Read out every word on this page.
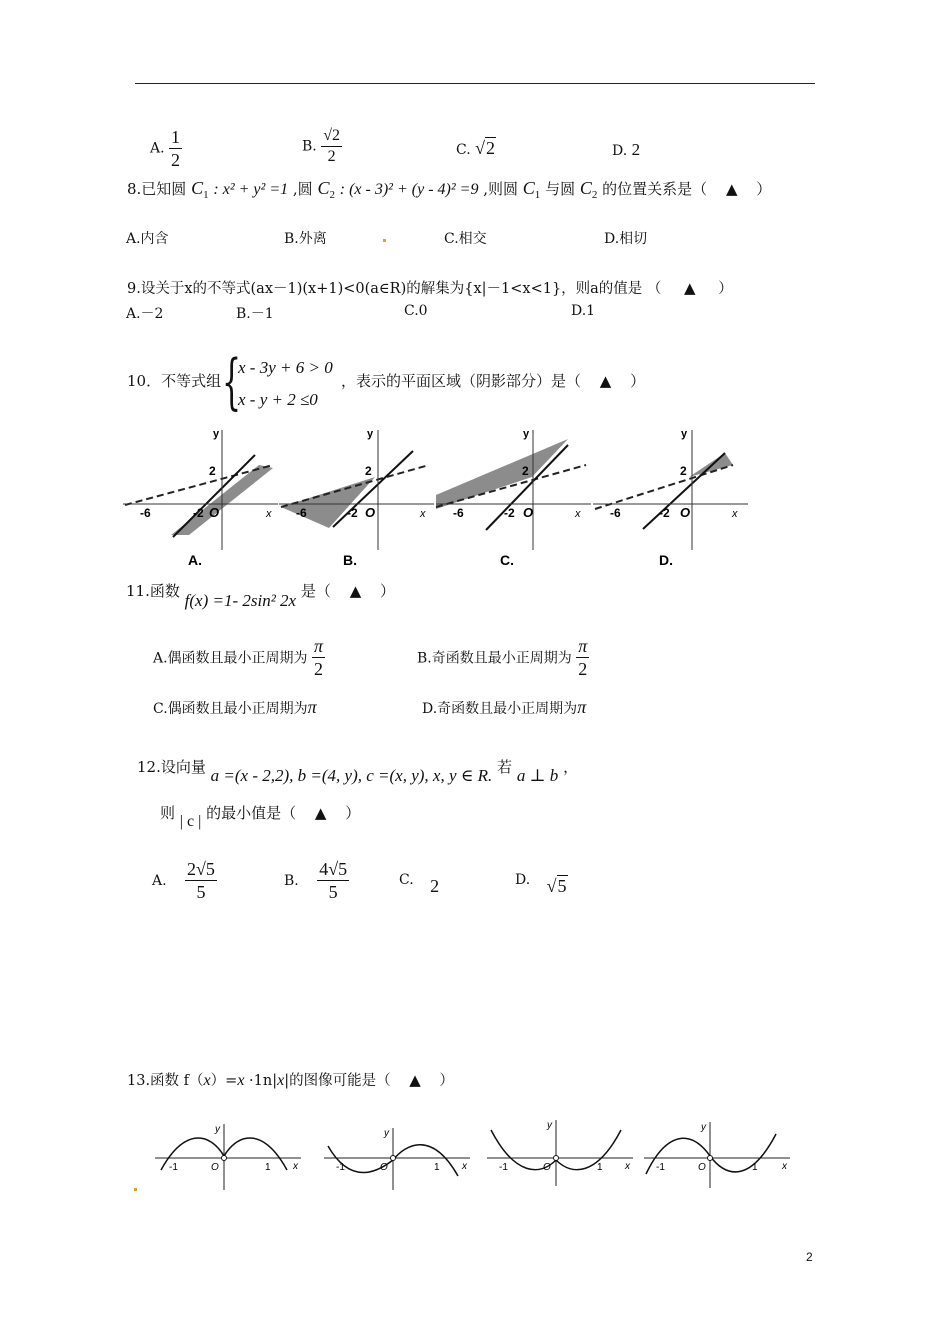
A. $\frac{1}{2}$	B. $\frac{√2}{2}$	C. √2	D. 2
8.已知圆 $C_1$ : x² + y² =1 ,圆 $C_2$ : (x - 3)² + (y - 4)² =9 ,则圆 $C_1$ 与圆 $C_2$ 的位置关系是（ ▲ ）
A.内含	B.外离	C.相交	D.相切
9.设关于x的不等式(ax－1)(x+1)<0(a∈R)的解集为{x|－1<x<1}，则a的值是 （ ▲ ）
A.－2	B.－1	C.0	D.1
10．不等式组 {
x - 3y + 6 > 0
x - y + 2 ≤0
，表示的平面区域（阴影部分）是（ ▲ ）
y
x
2
-6	-2 O
A.
y
x
2
-6	-2 O
B.
y
x
2
-6	-2 O
C.
y
x
2
-6	-2 O
D.
11.函数 f(x) =1- 2sin² 2x 是（ ▲ ）
A.偶函数且最小正周期为 $\frac{\pi}{2}$	B.奇函数且最小正周期为 $\frac{\pi}{2}$
C.偶函数且最小正周期为π	D.奇函数且最小正周期为π
12.设向量 a =(x - 2,2), b =(4, y), c =(x, y), x, y ∈ R. 若 a ⊥ b ，
则 | c | 的最小值是（ ▲ ）
A. $\frac{2√5}{5}$	B. $\frac{4√5}{5}$	C. 2	D. √5
13.函数 f（x）=x ·1n|x|的图像可能是（ ▲ ）
y
x
O
-1	1
y
x
O
-1	1
y
x
O
-1	1
y
x
O
-1	1
2
